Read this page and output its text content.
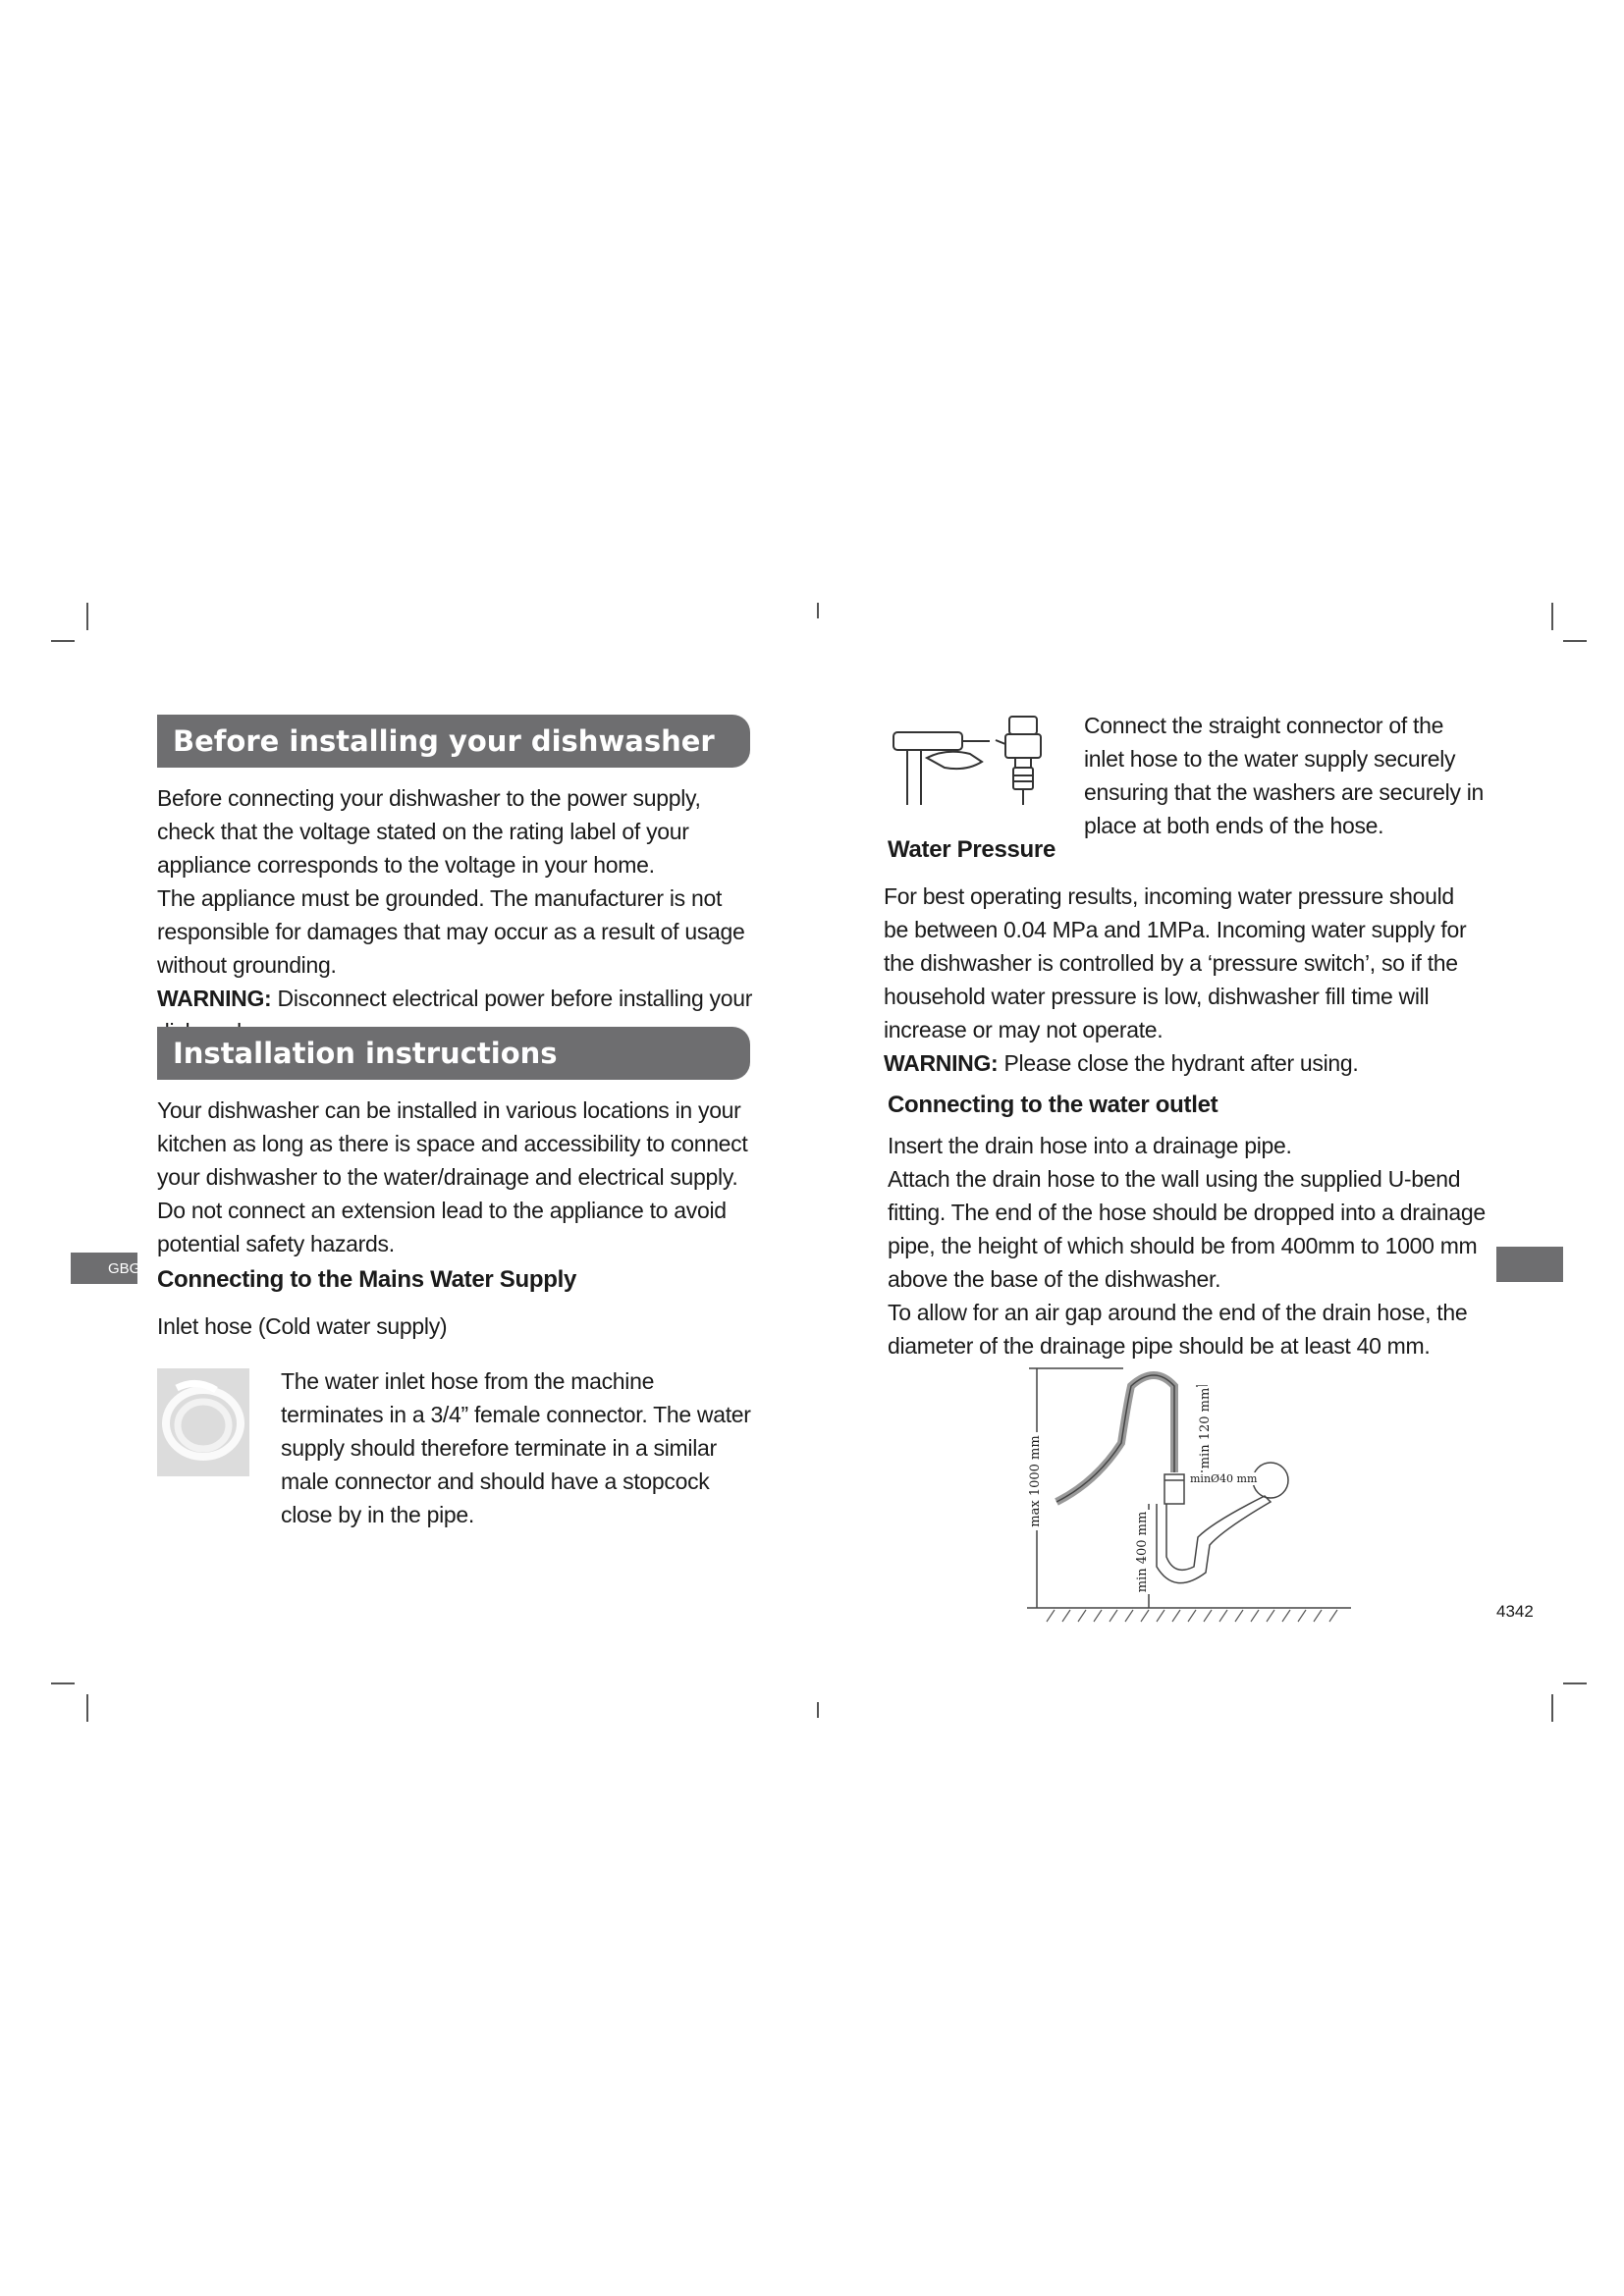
Before installing your dishwasher

Before connecting your dishwasher to the power supply, check that the voltage stated on the rating label of your appliance corresponds to the voltage in your home.

The appliance must be grounded. The manufacturer is not responsible for damages that may occur as a result of usage without grounding.

WARNING: Disconnect electrical power before installing your

Installation instructions

Your dishwasher can be installed in various locations in your kitchen as long as there is space and accessibility to connect your dishwasher to the water/drainage and electrical supply.

Do not connect an extension lead to the appliance to avoid potential safety hazards.

GBGB Connecting to the Mains Water Supply
Inlet hose (Cold water supply)
The water inlet hose from the machine terminates in a 3/4” female connector. The water supply should therefore terminate in a similar male connector and should have a stopcock close by in the pipe.
Connect the straight connector of the inlet hose to the water supply securely ensuring that the washers are securely in place at both ends of the hose.
Water Pressure

For best operating results, incoming water pressure should be between 0.04 MPa and 1MPa. Incoming water supply for the dishwasher is controlled by a ‘pressure switch’, so if the household water pressure is low, dishwasher fill time will increase or may not operate.

WARNING: Please close the hydrant after using.

Connecting to the water outlet

Insert the drain hose into a drainage pipe.

Attach the drain hose to the wall using the supplied U-bend fitting. The end of the hose should be dropped into a drainage pipe, the height of which should be from 400mm to 1000 mm above the base of the dishwasher.

To allow for an air gap around the end of the drain hose, the diameter of the drainage pipe should be at least 40 mm.

max 1000 mm
min 400 mm
min 120 mm
minØ40 mm
4342
